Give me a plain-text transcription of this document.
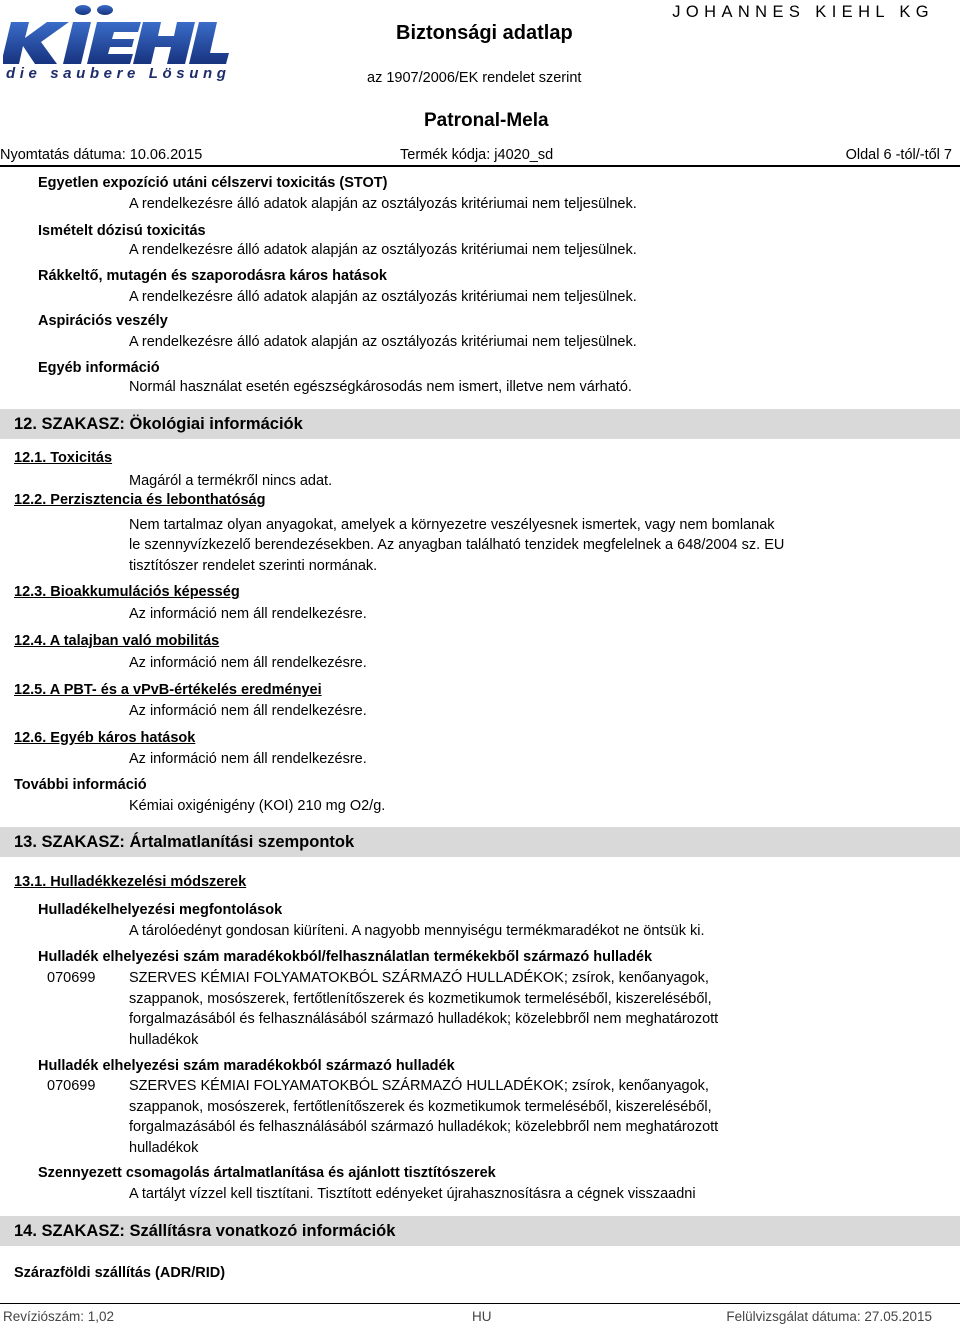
die saubere Lösung
Biztonsági adatlap
JOHANNES KIEHL KG
az 1907/2006/EK rendelet szerint
Patronal-Mela
Nyomtatás dátuma: 10.06.2015	Termék kódja: j4020_sd	Oldal 6 -tól/-től 7
Egyetlen expozíció utáni célszervi toxicitás (STOT)
A rendelkezésre álló adatok alapján az osztályozás kritériumai nem teljesülnek.
Ismételt dózisú toxicitás
A rendelkezésre álló adatok alapján az osztályozás kritériumai nem teljesülnek.
Rákkeltő, mutagén és szaporodásra káros hatások
A rendelkezésre álló adatok alapján az osztályozás kritériumai nem teljesülnek.
Aspirációs veszély
A rendelkezésre álló adatok alapján az osztályozás kritériumai nem teljesülnek.
Egyéb információ
Normál használat esetén egészségkárosodás nem ismert, illetve nem várható.
12. SZAKASZ: Ökológiai információk
12.1. Toxicitás
Magáról a termékről nincs adat.
12.2. Perzisztencia és lebonthatóság
Nem tartalmaz olyan anyagokat, amelyek a környezetre veszélyesnek ismertek, vagy nem bomlanak
le szennyvízkezelő berendezésekben. Az anyagban található tenzidek megfelelnek a 648/2004 sz. EU
tisztítószer rendelet szerinti normának.
12.3. Bioakkumulációs képesség
Az információ nem áll rendelkezésre.
12.4. A talajban való mobilitás
Az információ nem áll rendelkezésre.
12.5. A PBT- és a vPvB-értékelés eredményei
Az információ nem áll rendelkezésre.
12.6. Egyéb káros hatások
Az információ nem áll rendelkezésre.
További információ
Kémiai oxigénigény (KOI) 210 mg O2/g.
13. SZAKASZ: Ártalmatlanítási szempontok
13.1. Hulladékkezelési módszerek
Hulladékelhelyezési megfontolások
A tárolóedényt gondosan kiüríteni. A nagyobb mennyiségu termékmaradékot ne öntsük ki.
Hulladék elhelyezési szám maradékokból/felhasználatlan termékekből származó hulladék
070699 SZERVES KÉMIAI FOLYAMATOKBÓL SZÁRMAZÓ HULLADÉKOK; zsírok, kenőanyagok,
szappanok, mosószerek, fertőtlenítőszerek és kozmetikumok termeléséből, kiszereléséből,
forgalmazásából és felhasználásából származó hulladékok; közelebbről nem meghatározott
hulladékok
Hulladék elhelyezési szám maradékokból származó hulladék
070699 SZERVES KÉMIAI FOLYAMATOKBÓL SZÁRMAZÓ HULLADÉKOK; zsírok, kenőanyagok,
szappanok, mosószerek, fertőtlenítőszerek és kozmetikumok termeléséből, kiszereléséből,
forgalmazásából és felhasználásából származó hulladékok; közelebbről nem meghatározott
hulladékok
Szennyezett csomagolás ártalmatlanítása és ajánlott tisztítószerek
A tartályt vízzel kell tisztítani. Tisztított edényeket újrahasznosításra a cégnek visszaadni
14. SZAKASZ: Szállításra vonatkozó információk
Szárazföldi szállítás (ADR/RID)
Revíziószám: 1,02	HU	Felülvizsgálat dátuma: 27.05.2015
